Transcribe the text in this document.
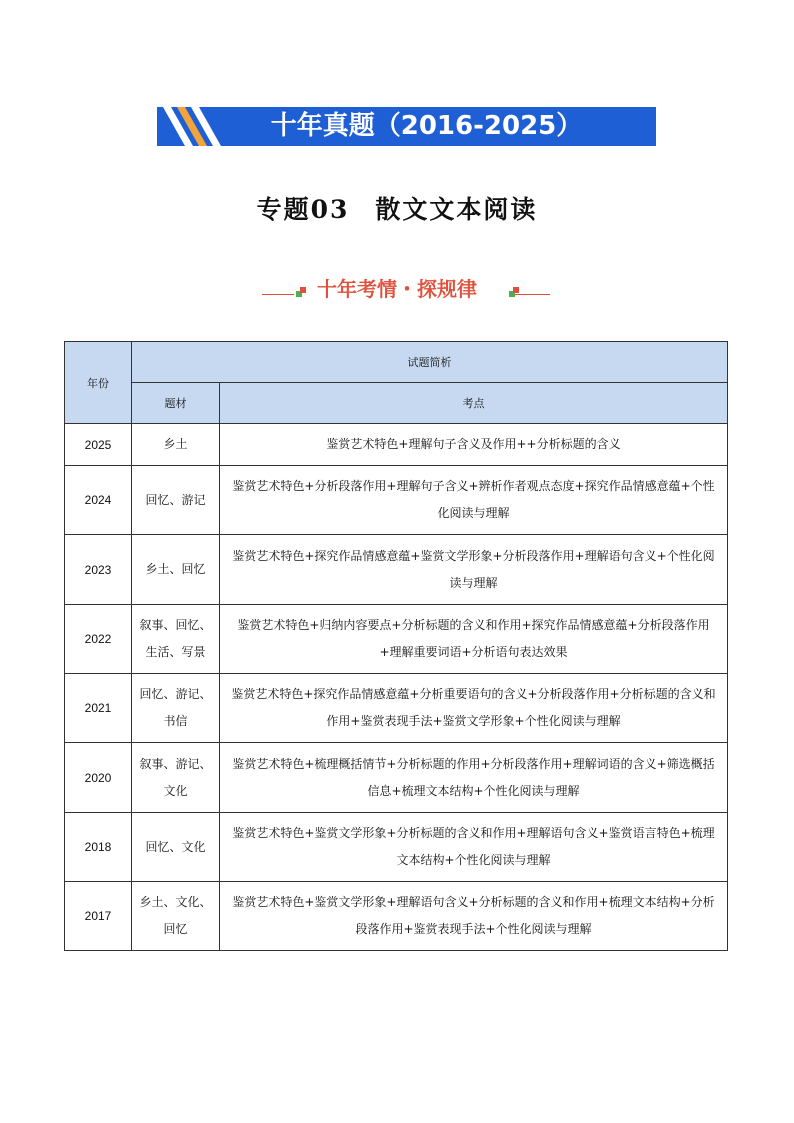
十年真题（2016-2025）
专题03 散文文本阅读
十年考情・探规律
年份	试题简析	
	题材	考点
2025	乡土	鉴赏艺术特色+理解句子含义及作用++分析标题的含义
2024	回忆、游记	鉴赏艺术特色+分析段落作用+理解句子含义+辨析作者观点态度+探究作品情感意蕴+个性化阅读与理解
2023	乡土、回忆	鉴赏艺术特色+探究作品情感意蕴+鉴赏文学形象+分析段落作用+理解语句含义+个性化阅读与理解
2022	叙事、回忆、生活、写景	鉴赏艺术特色+归纳内容要点+分析标题的含义和作用+探究作品情感意蕴+分析段落作用+理解重要词语+分析语句表达效果
2021	回忆、游记、书信	鉴赏艺术特色+探究作品情感意蕴+分析重要语句的含义+分析段落作用+分析标题的含义和作用+鉴赏表现手法+鉴赏文学形象+个性化阅读与理解
2020	叙事、游记、文化	鉴赏艺术特色+梳理概括情节+分析标题的作用+分析段落作用+理解词语的含义+筛选概括信息+梳理文本结构+个性化阅读与理解
2018	回忆、文化	鉴赏艺术特色+鉴赏文学形象+分析标题的含义和作用+理解语句含义+鉴赏语言特色+梳理文本结构+个性化阅读与理解
2017	乡土、文化、回忆	鉴赏艺术特色+鉴赏文学形象+理解语句含义+分析标题的含义和作用+梳理文本结构+分析段落作用+鉴赏表现手法+个性化阅读与理解
